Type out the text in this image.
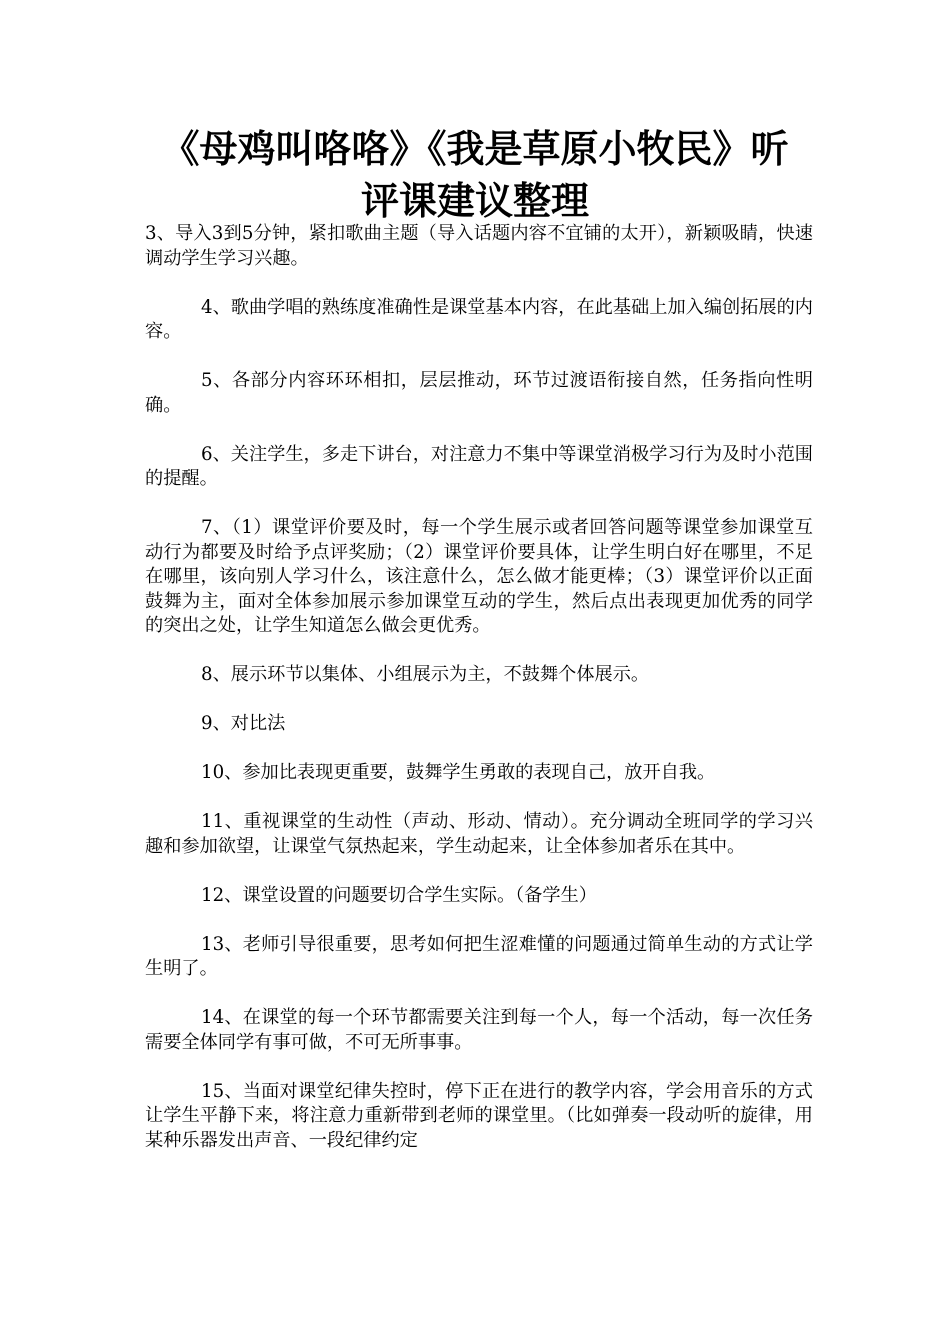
《母鸡叫咯咯》《我是草原小牧民》听
评课建议整理

3、导入3到5分钟，紧扣歌曲主题（导入话题内容不宜铺的太开），新颖吸睛，快速调动学生学习兴趣。

4、歌曲学唱的熟练度准确性是课堂基本内容，在此基础上加入编创拓展的内容。

5、各部分内容环环相扣，层层推动，环节过渡语衔接自然，任务指向性明确。

6、关注学生，多走下讲台，对注意力不集中等课堂消极学习行为及时小范围的提醒。

7、（1）课堂评价要及时，每一个学生展示或者回答问题等课堂参加课堂互动行为都要及时给予点评奖励；（2）课堂评价要具体，让学生明白好在哪里，不足在哪里，该向别人学习什么，该注意什么，怎么做才能更棒；（3）课堂评价以正面鼓舞为主，面对全体参加展示参加课堂互动的学生，然后点出表现更加优秀的同学的突出之处，让学生知道怎么做会更优秀。

8、展示环节以集体、小组展示为主，不鼓舞个体展示。

9、对比法

10、参加比表现更重要，鼓舞学生勇敢的表现自己，放开自我。

11、重视课堂的生动性（声动、形动、情动）。充分调动全班同学的学习兴趣和参加欲望，让课堂气氛热起来，学生动起来，让全体参加者乐在其中。

12、课堂设置的问题要切合学生实际。（备学生）

13、老师引导很重要，思考如何把生涩难懂的问题通过简单生动的方式让学生明了。

14、在课堂的每一个环节都需要关注到每一个人，每一个活动，每一次任务需要全体同学有事可做，不可无所事事。

15、当面对课堂纪律失控时，停下正在进行的教学内容，学会用音乐的方式让学生平静下来，将注意力重新带到老师的课堂里。（比如弹奏一段动听的旋律，用某种乐器发出声音、一段纪律约定
